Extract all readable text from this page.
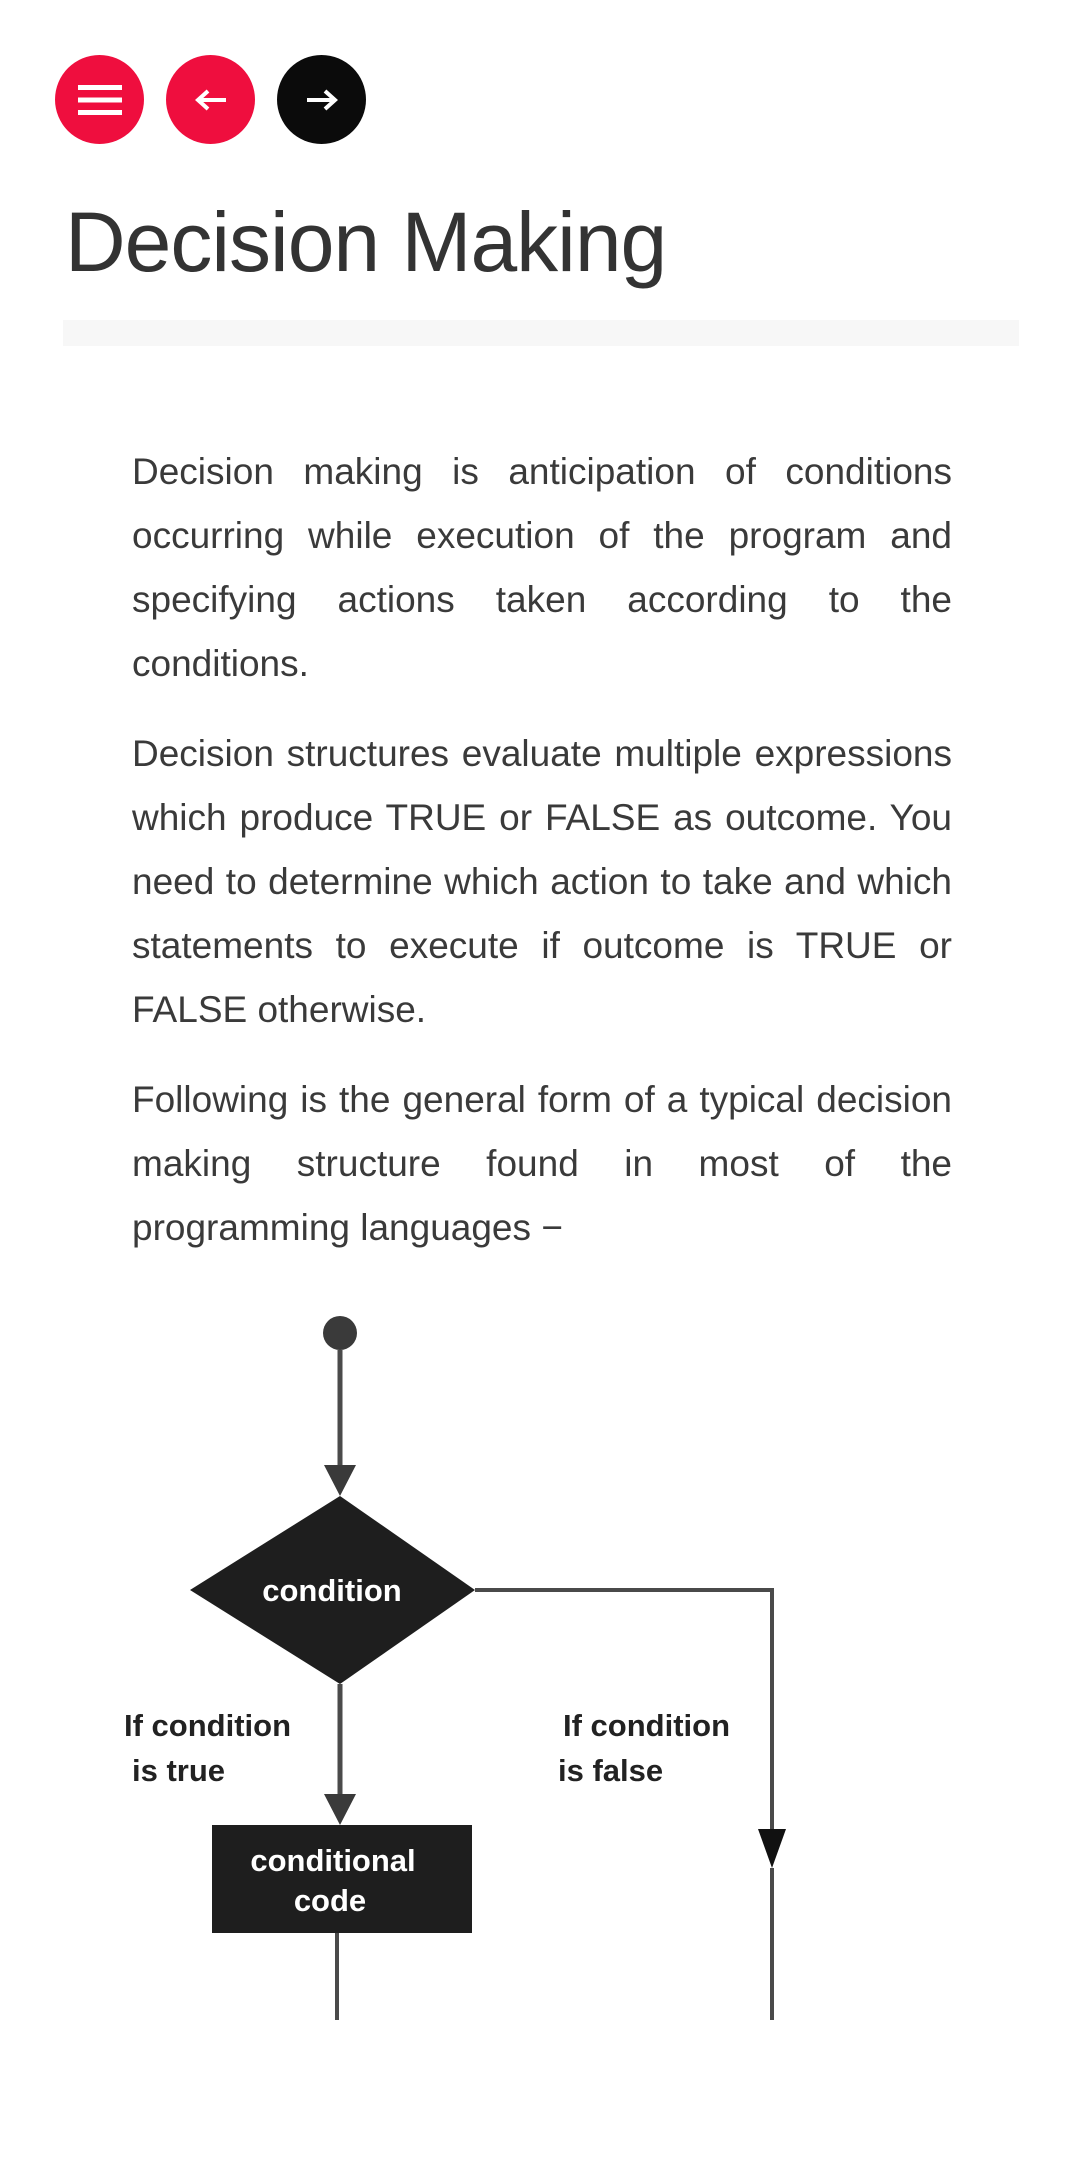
Decision Making

Decision making is anticipation of conditions occurring while execution of the program and specifying actions taken according to the conditions.

Decision structures evaluate multiple expressions which produce TRUE or FALSE as outcome. You need to determine which action to take and which statements to execute if outcome is TRUE or FALSE otherwise.

Following is the general form of a typical decision making structure found in most of the programming languages −

condition
conditional
code
If condition
is true
If condition
is false
